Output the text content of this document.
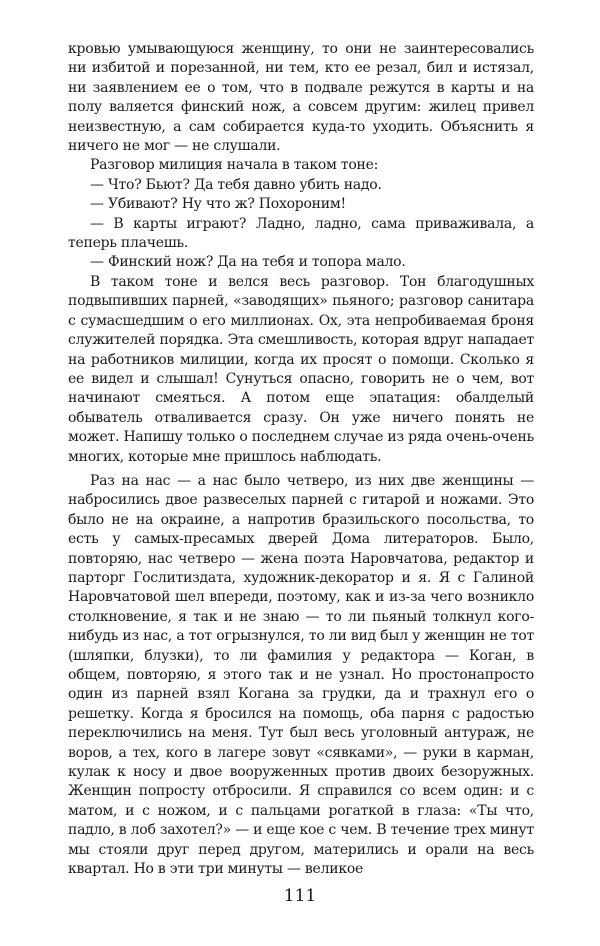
кровью умывающуюся женщину, то они не заинтересовались ни избитой и порезанной, ни тем, кто ее резал, бил и истязал, ни заявлением ее о том, что в подвале режутся в карты и на полу валяется финский нож, а совсем другим: жилец привел неизвестную, а сам собирается куда-то уходить. Объяснить я ничего не мог — не слушали.

Разговор милиция начала в таком тоне:

— Что? Бьют? Да тебя давно убить надо.

— Убивают? Ну что ж? Похороним!

— В карты играют? Ладно, ладно, сама приваживала, а теперь плачешь.

— Финский нож? Да на тебя и топора мало.

В таком тоне и велся весь разговор. Тон благодушных подвыпивших парней, «заводящих» пьяного; разговор санитара с сумасшедшим о его миллионах. Ох, эта непробиваемая броня служителей порядка. Эта смешливость, которая вдруг нападает на работников милиции, когда их просят о помощи. Сколько я ее видел и слышал! Сунуться опасно, говорить не о чем, вот начинают смеяться. А потом еще эпатация: обалделый обыватель отваливается сразу. Он уже ничего понять не может. Напишу только о последнем случае из ряда очень-очень многих, которые мне пришлось наблюдать.

Раз на нас — а нас было четверо, из них две женщины — набросились двое развеселых парней с гитарой и ножами. Это было не на окраине, а напротив бразильского посольства, то есть у самых-пресамых дверей Дома литераторов. Было, повторяю, нас четверо — жена поэта Наровчатова, редактор и парторг Гослитиздата, художник-декоратор и я. Я с Галиной Наровчатовой шел впереди, поэтому, как и из-за чего возникло столкновение, я так и не знаю — то ли пьяный толкнул кого-нибудь из нас, а тот огрызнулся, то ли вид был у женщин не тот (шляпки, блузки), то ли фамилия у редактора — Коган, в общем, повторяю, я этого так и не узнал. Но простонапросто один из парней взял Когана за грудки, да и трахнул его о решетку. Когда я бросился на помощь, оба парня с радостью переключились на меня. Тут был весь уголовный антураж, не воров, а тех, кого в лагере зовут «сявками», — руки в карман, кулак к носу и двое вооруженных против двоих безоружных. Женщин попросту отбросили. Я справился со всем один: и с матом, и с ножом, и с пальцами рогаткой в глаза: «Ты что, падло, в лоб захотел?» — и еще кое с чем. В течение трех минут мы стояли друг перед другом, матерились и орали на весь квартал. Но в эти три минуты — великое

111
